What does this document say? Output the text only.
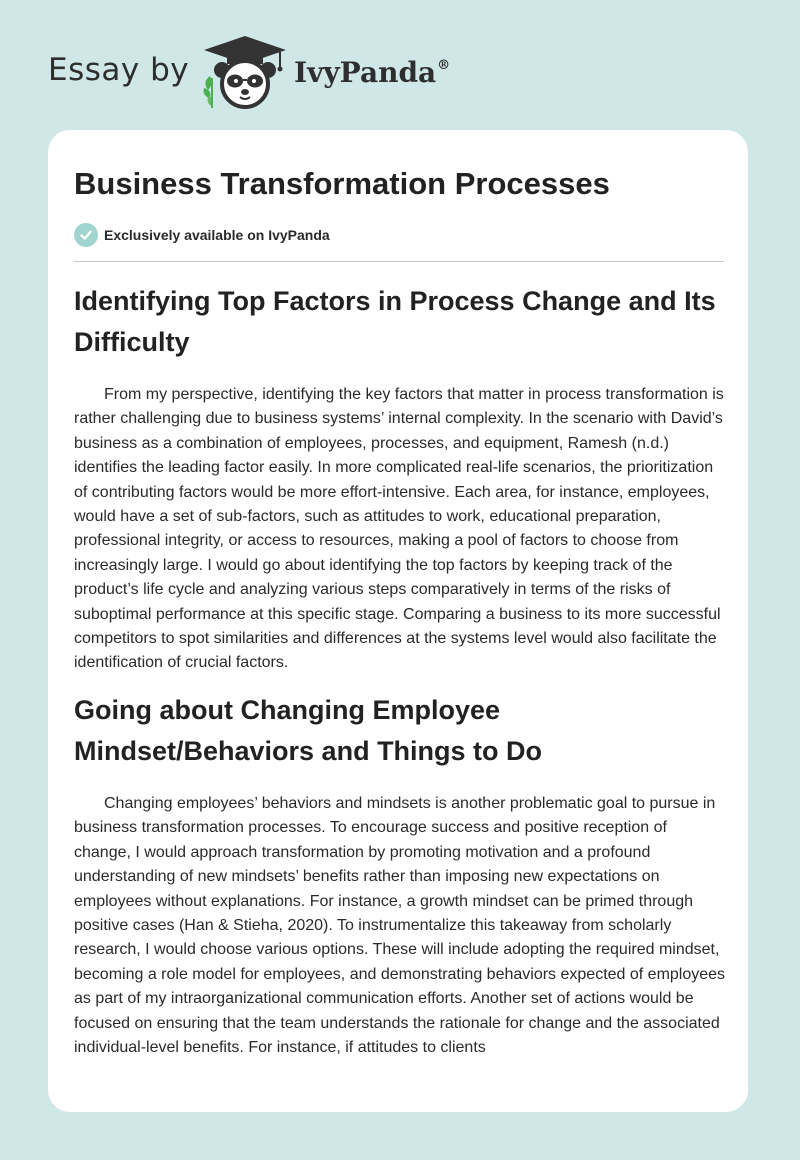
Essay by	IvyPanda®
Business Transformation Processes
Exclusively available on IvyPanda
Identifying Top Factors in Process Change and Its Difficulty

From my perspective, identifying the key factors that matter in process transformation is rather challenging due to business systems’ internal complexity. In the scenario with David’s business as a combination of employees, processes, and equipment, Ramesh (n.d.) identifies the leading factor easily. In more complicated real-life scenarios, the prioritization of contributing factors would be more effort-intensive. Each area, for instance, employees, would have a set of sub-factors, such as attitudes to work, educational preparation, professional integrity, or access to resources, making a pool of factors to choose from increasingly large. I would go about identifying the top factors by keeping track of the product’s life cycle and analyzing various steps comparatively in terms of the risks of suboptimal performance at this specific stage. Comparing a business to its more successful competitors to spot similarities and differences at the systems level would also facilitate the identification of crucial factors.

Going about Changing Employee Mindset/Behaviors and Things to Do

Changing employees’ behaviors and mindsets is another problematic goal to pursue in business transformation processes. To encourage success and positive reception of change, I would approach transformation by promoting motivation and a profound understanding of new mindsets’ benefits rather than imposing new expectations on employees without explanations. For instance, a growth mindset can be primed through positive cases (Han & Stieha, 2020). To instrumentalize this takeaway from scholarly research, I would choose various options. These will include adopting the required mindset, becoming a role model for employees, and demonstrating behaviors expected of employees as part of my intraorganizational communication efforts. Another set of actions would be focused on ensuring that the team understands the rationale for change and the associated individual-level benefits. For instance, if attitudes to clients
